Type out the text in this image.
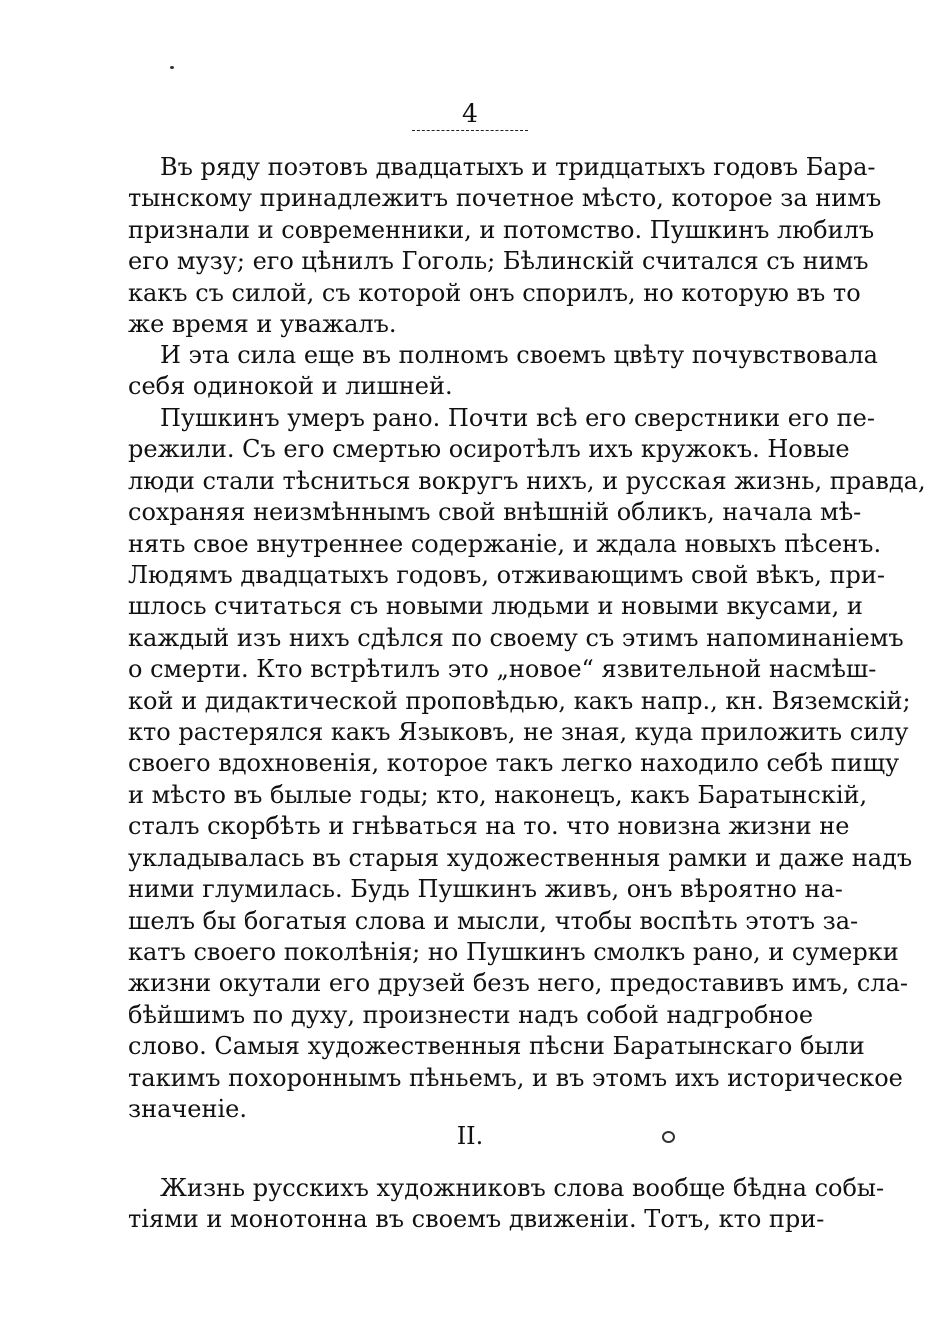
4
Въ ряду поэтовъ двадцатыхъ и тридцатыхъ годовъ Бара-
тынскому принадлежитъ почетное мѣсто, которое за нимъ
признали и современники, и потомство. Пушкинъ любилъ
его музу; его цѣнилъ Гоголь; Бѣлинскій считался съ нимъ
какъ съ силой, съ которой онъ спорилъ, но которую въ то
же время и уважалъ.
И эта сила еще въ полномъ своемъ цвѣту почувствовала
себя одинокой и лишней.
Пушкинъ умеръ рано. Почти всѣ его сверстники его пе-
режили. Съ его смертью осиротѣлъ ихъ кружокъ. Новые
люди стали тѣсниться вокругъ нихъ, и русская жизнь, правда,
сохраняя неизмѣннымъ свой внѣшній обликъ, начала мѣ-
нять свое внутреннее содержаніе, и ждала новыхъ пѣсенъ.
Людямъ двадцатыхъ годовъ, отживающимъ свой вѣкъ, при-
шлось считаться съ новыми людьми и новыми вкусами, и
каждый изъ нихъ сдѣлся по своему съ этимъ напоминаніемъ
о смерти. Кто встрѣтилъ это „новое“ язвительной насмѣш-
кой и дидактической проповѣдью, какъ напр., кн. Вяземскій;
кто растерялся какъ Языковъ, не зная, куда приложить силу
своего вдохновенія, которое такъ легко находило себѣ пищу
и мѣсто въ былые годы; кто, наконецъ, какъ Баратынскій,
сталъ скорбѣть и гнѣваться на то. что новизна жизни не
укладывалась въ старыя художественныя рамки и даже надъ
ними глумилась. Будь Пушкинъ живъ, онъ вѣроятно на-
шелъ бы богатыя слова и мысли, чтобы воспѣть этотъ за-
катъ своего поколѣнія; но Пушкинъ смолкъ рано, и сумерки
жизни окутали его друзей безъ него, предоставивъ имъ, сла-
бѣйшимъ по духу, произнести надъ собой надгробное
слово. Самыя художественныя пѣсни Баратынскаго были
такимъ похороннымъ пѣньемъ, и въ этомъ ихъ историческое
значеніе.
II.
Жизнь русскихъ художниковъ слова вообще бѣдна собы-
тіями и монотонна въ своемъ движеніи. Тотъ, кто при-
